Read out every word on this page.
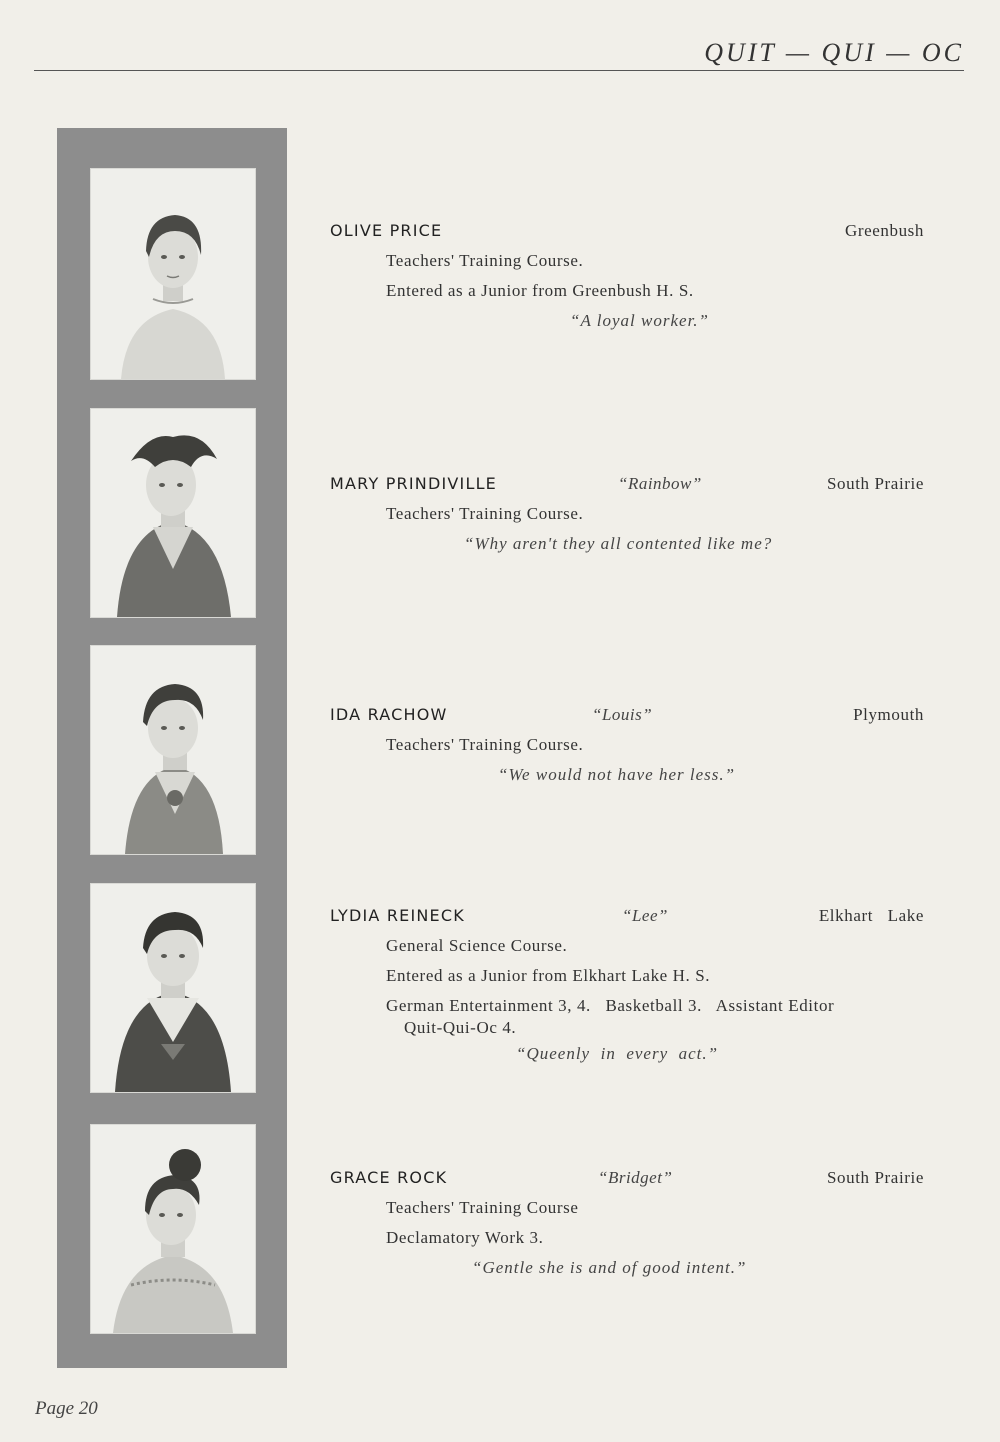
QUIT — QUI — OC
OLIVE PRICE	Greenbush
Teachers' Training Course.
Entered as a Junior from Greenbush H. S.
“A loyal worker.”
MARY PRINDIVILLE	“Rainbow”	South Prairie
Teachers' Training Course.
“Why aren't they all contented like me?
IDA RACHOW	“Louis”	Plymouth
Teachers' Training Course.
“We would not have her less.”
LYDIA REINECK	“Lee”	Elkhart   Lake
General Science Course.
Entered as a Junior from Elkhart Lake H. S.
German Entertainment 3, 4.   Basketball 3.   Assistant Editor
Quit-Qui-Oc 4.
“Queenly  in  every  act.”
GRACE ROCK	“Bridget”	South Prairie
Teachers' Training Course
Declamatory Work 3.
“Gentle she is and of good intent.”
Page 20
